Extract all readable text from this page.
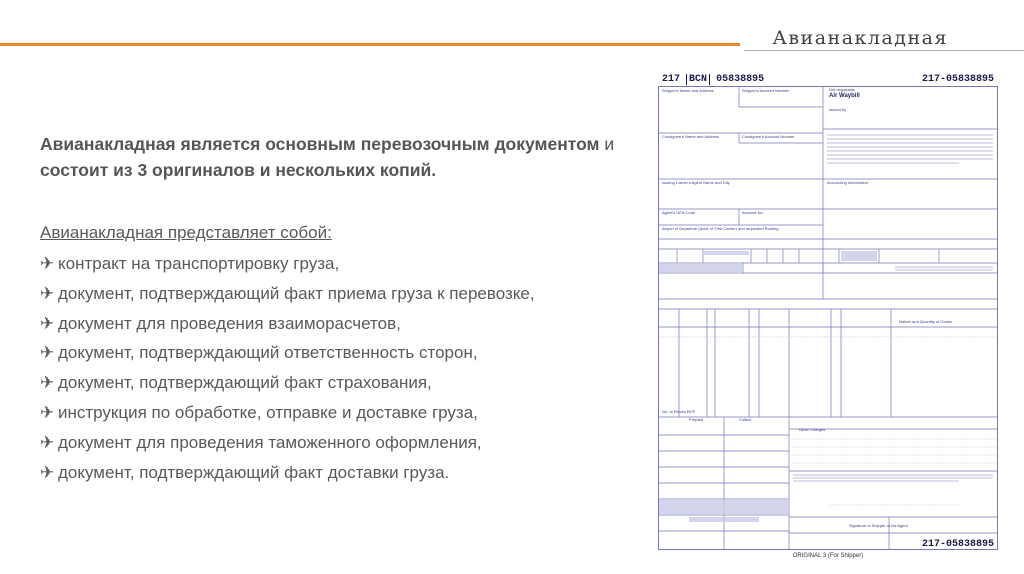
Авианакладная

Авианакладная является основным перевозочным документом и состоит из 3 оригиналов и нескольких копий.

Авианакладная представляет собой:
✈ контракт на транспортировку груза,
✈ документ, подтверждающий факт приема груза к перевозке,
✈ документ для проведения взаиморасчетов,
✈ документ, подтверждающий ответственность сторон,
✈ документ, подтверждающий факт страхования,
✈ инструкция по обработке, отправке и доставке груза,
✈ документ для проведения таможенного оформления,
✈ документ, подтверждающий факт доставки груза.
217 BCN 05838895	217-05838895
Air Waybill
Not negotiable
Issued by
Shipper's Name and Address	Shipper's Account Number
Consignee's Name and Address	Consignee's Account Number
Issuing Carrier's Agent Name and City	Accounting Information
Agent's IATA Code	Account No.
Airport of Departure (Addr. of First Carrier) and requested Routing
No. of Pieces RCP
Nature and Quantity of Goods
Other Charges
Prepaid	Collect
Signature of Shipper or his Agent
217-05838895
ORIGINAL 3 (For Shipper)
